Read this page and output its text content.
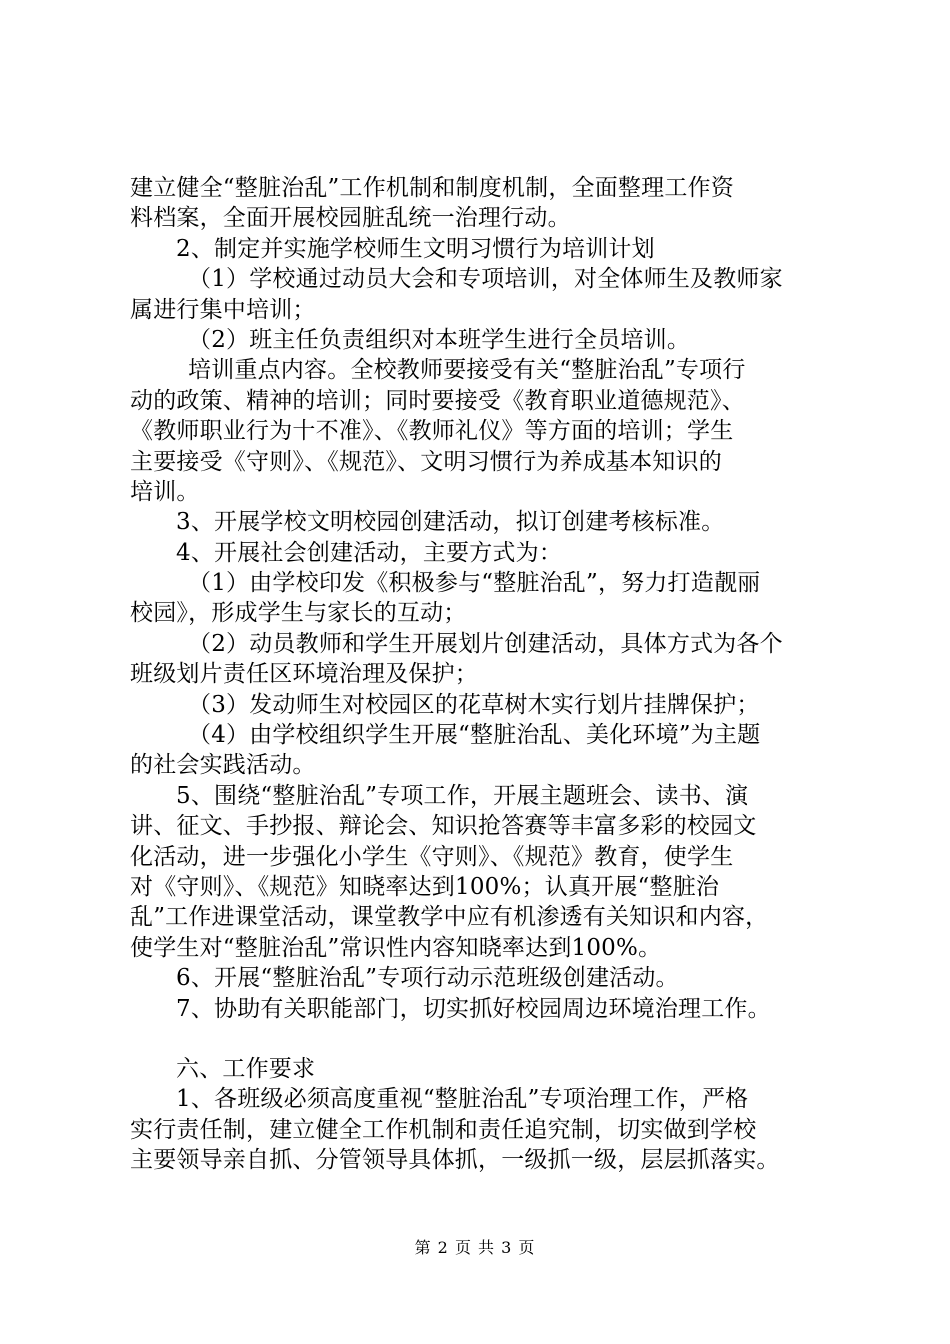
建立健全“整脏治乱”工作机制和制度机制，全面整理工作资
料档案，全面开展校园脏乱统一治理行动。
2、制定并实施学校师生文明习惯行为培训计划
（1）学校通过动员大会和专项培训，对全体师生及教师家
属进行集中培训；
（2）班主任负责组织对本班学生进行全员培训。
培训重点内容。全校教师要接受有关“整脏治乱”专项行
动的政策、精神的培训；同时要接受《教育职业道德规范》、
《教师职业行为十不准》、《教师礼仪》等方面的培训；学生
主要接受《守则》、《规范》、文明习惯行为养成基本知识的
培训。
3、开展学校文明校园创建活动，拟订创建考核标准。
4、开展社会创建活动，主要方式为：
（1）由学校印发《积极参与“整脏治乱”，努力打造靓丽
校园》，形成学生与家长的互动；
（2）动员教师和学生开展划片创建活动，具体方式为各个
班级划片责任区环境治理及保护；
（3）发动师生对校园区的花草树木实行划片挂牌保护；
（4）由学校组织学生开展“整脏治乱、美化环境”为主题
的社会实践活动。
5、围绕“整脏治乱”专项工作，开展主题班会、读书、演
讲、征文、手抄报、辩论会、知识抢答赛等丰富多彩的校园文
化活动，进一步强化小学生《守则》、《规范》教育，使学生
对《守则》、《规范》知晓率达到100%；认真开展“整脏治
乱”工作进课堂活动，课堂教学中应有机渗透有关知识和内容，
使学生对“整脏治乱”常识性内容知晓率达到100%。
6、开展“整脏治乱”专项行动示范班级创建活动。
7、协助有关职能部门，切实抓好校园周边环境治理工作。
六、工作要求
1、各班级必须高度重视“整脏治乱”专项治理工作，严格
实行责任制，建立健全工作机制和责任追究制，切实做到学校
主要领导亲自抓、分管领导具体抓，一级抓一级，层层抓落实。
第 2 页 共 3 页
